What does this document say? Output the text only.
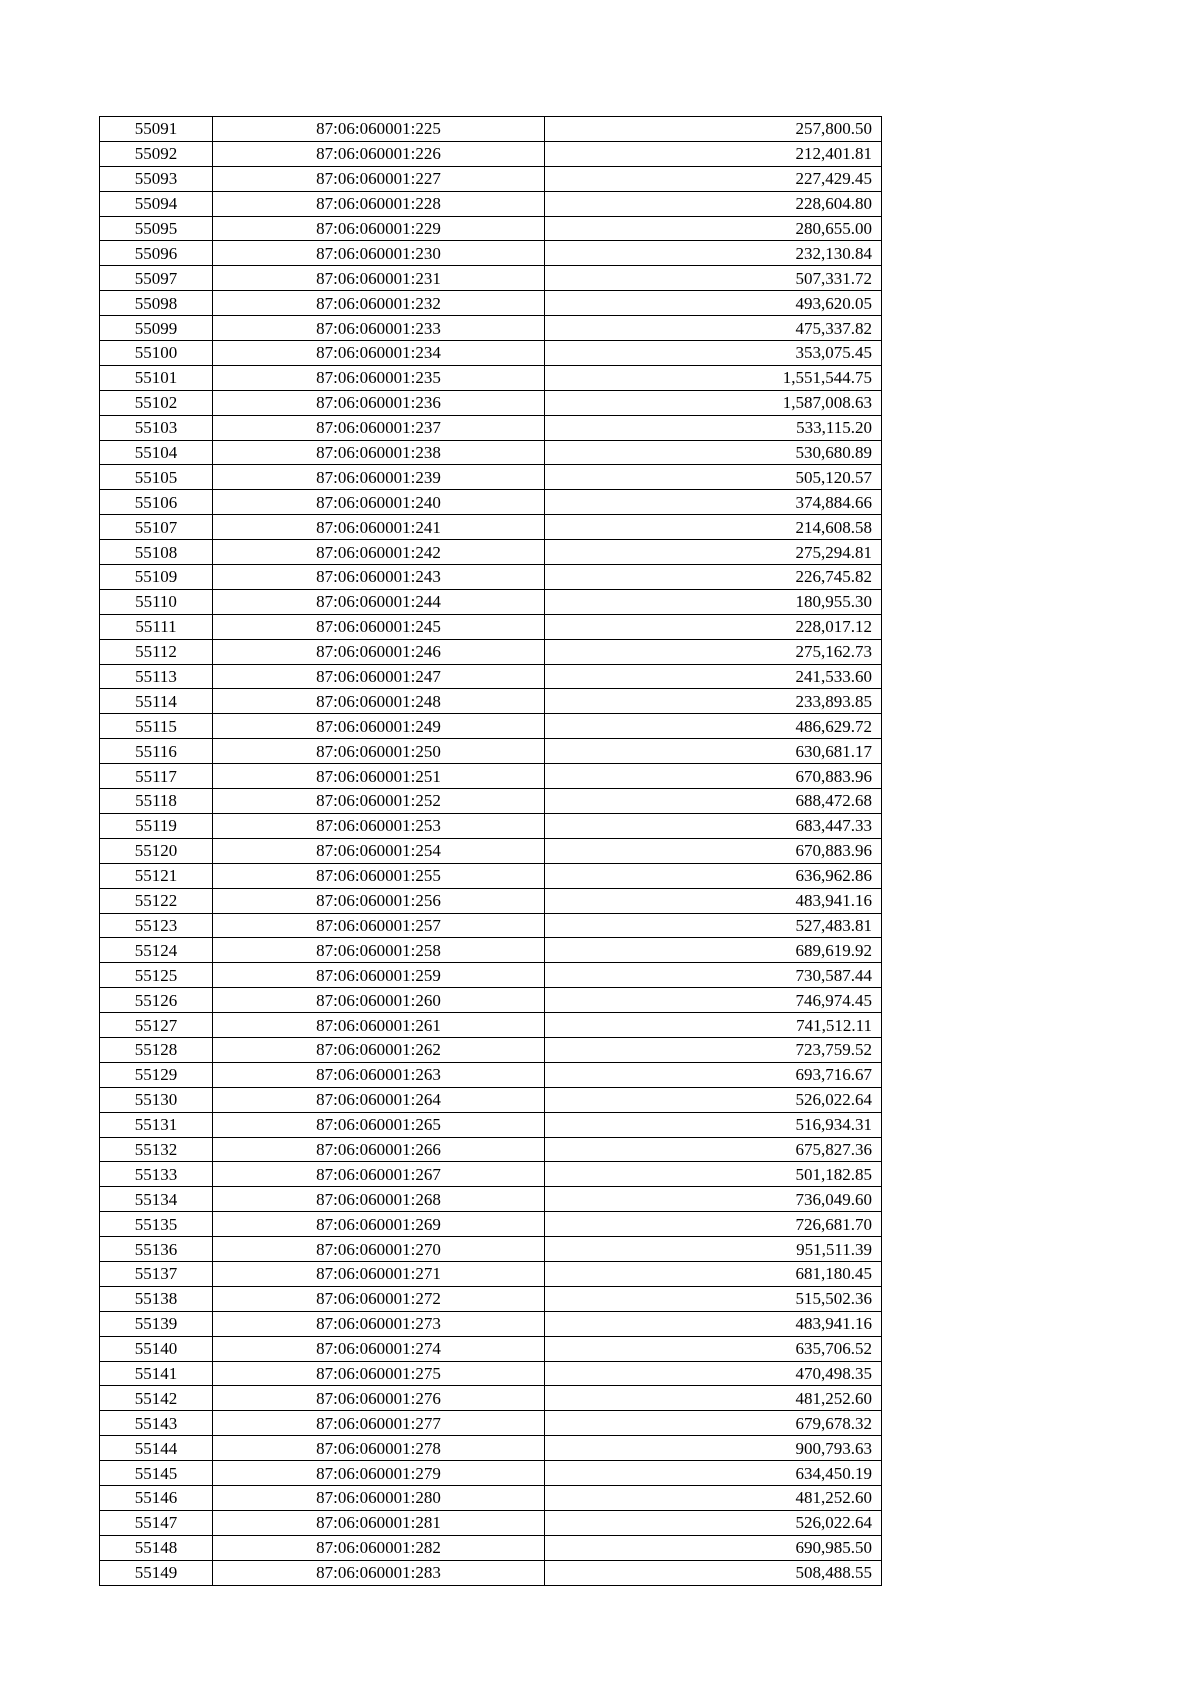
55091	87:06:060001:225	257,800.50
55092	87:06:060001:226	212,401.81
55093	87:06:060001:227	227,429.45
55094	87:06:060001:228	228,604.80
55095	87:06:060001:229	280,655.00
55096	87:06:060001:230	232,130.84
55097	87:06:060001:231	507,331.72
55098	87:06:060001:232	493,620.05
55099	87:06:060001:233	475,337.82
55100	87:06:060001:234	353,075.45
55101	87:06:060001:235	1,551,544.75
55102	87:06:060001:236	1,587,008.63
55103	87:06:060001:237	533,115.20
55104	87:06:060001:238	530,680.89
55105	87:06:060001:239	505,120.57
55106	87:06:060001:240	374,884.66
55107	87:06:060001:241	214,608.58
55108	87:06:060001:242	275,294.81
55109	87:06:060001:243	226,745.82
55110	87:06:060001:244	180,955.30
55111	87:06:060001:245	228,017.12
55112	87:06:060001:246	275,162.73
55113	87:06:060001:247	241,533.60
55114	87:06:060001:248	233,893.85
55115	87:06:060001:249	486,629.72
55116	87:06:060001:250	630,681.17
55117	87:06:060001:251	670,883.96
55118	87:06:060001:252	688,472.68
55119	87:06:060001:253	683,447.33
55120	87:06:060001:254	670,883.96
55121	87:06:060001:255	636,962.86
55122	87:06:060001:256	483,941.16
55123	87:06:060001:257	527,483.81
55124	87:06:060001:258	689,619.92
55125	87:06:060001:259	730,587.44
55126	87:06:060001:260	746,974.45
55127	87:06:060001:261	741,512.11
55128	87:06:060001:262	723,759.52
55129	87:06:060001:263	693,716.67
55130	87:06:060001:264	526,022.64
55131	87:06:060001:265	516,934.31
55132	87:06:060001:266	675,827.36
55133	87:06:060001:267	501,182.85
55134	87:06:060001:268	736,049.60
55135	87:06:060001:269	726,681.70
55136	87:06:060001:270	951,511.39
55137	87:06:060001:271	681,180.45
55138	87:06:060001:272	515,502.36
55139	87:06:060001:273	483,941.16
55140	87:06:060001:274	635,706.52
55141	87:06:060001:275	470,498.35
55142	87:06:060001:276	481,252.60
55143	87:06:060001:277	679,678.32
55144	87:06:060001:278	900,793.63
55145	87:06:060001:279	634,450.19
55146	87:06:060001:280	481,252.60
55147	87:06:060001:281	526,022.64
55148	87:06:060001:282	690,985.50
55149	87:06:060001:283	508,488.55
